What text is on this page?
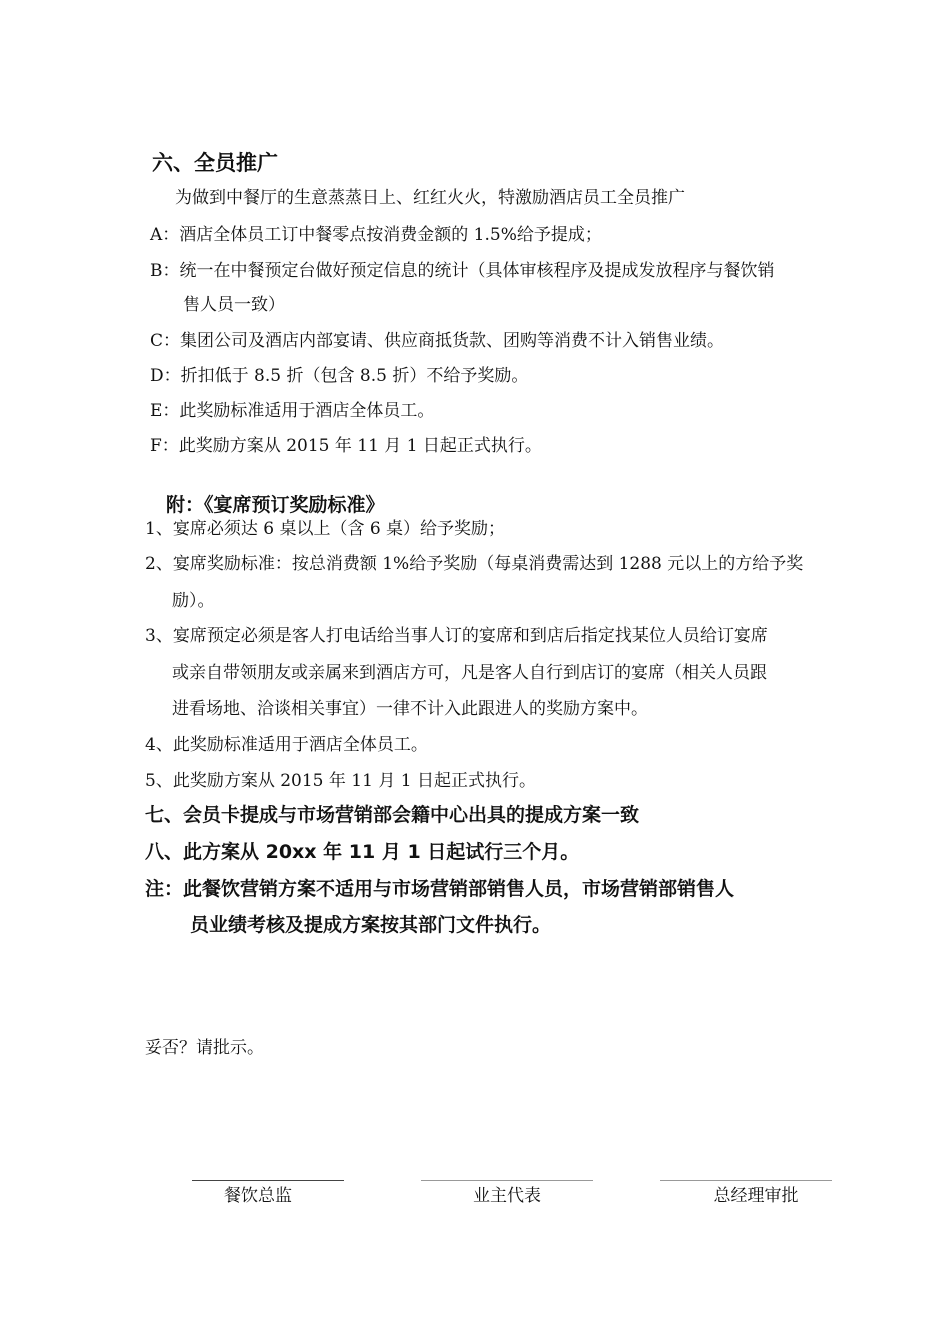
六、全员推广
为做到中餐厅的生意蒸蒸日上、红红火火，特激励酒店员工全员推广
A：酒店全体员工订中餐零点按消费金额的 1.5%给予提成；
B：统一在中餐预定台做好预定信息的统计（具体审核程序及提成发放程序与餐饮销
售人员一致）
C：集团公司及酒店内部宴请、供应商抵货款、团购等消费不计入销售业绩。
D：折扣低于 8.5 折（包含 8.5 折）不给予奖励。
E：此奖励标准适用于酒店全体员工。
F：此奖励方案从 2015 年 11 月 1 日起正式执行。
附：《宴席预订奖励标准》
1、宴席必须达 6 桌以上（含 6 桌）给予奖励；
2、宴席奖励标准：按总消费额 1%给予奖励（每桌消费需达到 1288 元以上的方给予奖
励）。
3、宴席预定必须是客人打电话给当事人订的宴席和到店后指定找某位人员给订宴席
或亲自带领朋友或亲属来到酒店方可，凡是客人自行到店订的宴席（相关人员跟
进看场地、洽谈相关事宜）一律不计入此跟进人的奖励方案中。
4、此奖励标准适用于酒店全体员工。
5、此奖励方案从 2015 年 11 月 1 日起正式执行。
七、会员卡提成与市场营销部会籍中心出具的提成方案一致
八、此方案从 20xx 年 11 月 1 日起试行三个月。
注：此餐饮营销方案不适用与市场营销部销售人员，市场营销部销售人
员业绩考核及提成方案按其部门文件执行。
妥否？请批示。
餐饮总监	业主代表	总经理审批
